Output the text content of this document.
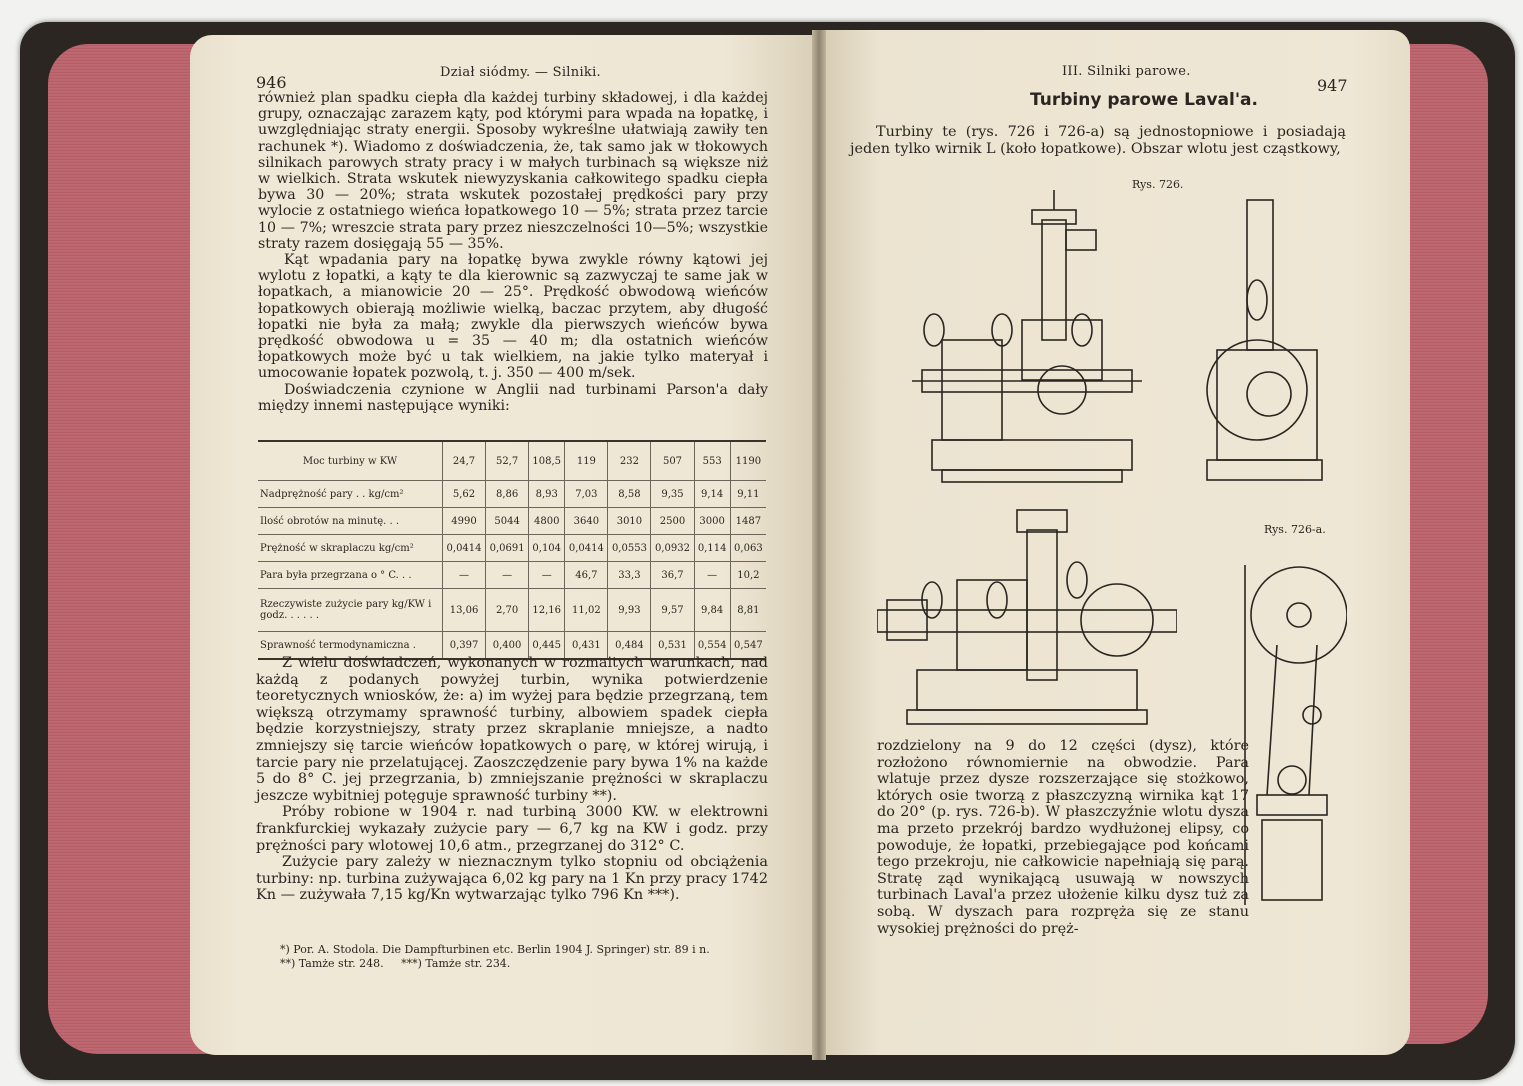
946
Dział siódmy. — Silniki.

również plan spadku ciepła dla każdej turbiny składowej, i dla każdej grupy, oznaczając zarazem kąty, pod którymi para wpada na łopatkę, i uwzględniając straty energii. Sposoby wykreślne ułatwiają zawiły ten rachunek *). Wiadomo z doświadczenia, że, tak samo jak w tłokowych silnikach parowych straty pracy i w małych turbinach są większe niż w wielkich. Strata wskutek niewyzyskania całkowitego spadku ciepła bywa 30 — 20%; strata wskutek pozostałej prędkości pary przy wylocie z ostatniego wieńca łopatkowego 10 — 5%; strata przez tarcie 10 — 7%; wreszcie strata pary przez nieszczelności 10—5%; wszystkie straty razem dosięgają 55 — 35%.

Kąt wpadania pary na łopatkę bywa zwykle równy kątowi jej wylotu z łopatki, a kąty te dla kierownic są zazwyczaj te same jak w łopatkach, a mianowicie 20 — 25°. Prędkość obwodową wieńców łopatkowych obierają możliwie wielką, baczac przytem, aby długość łopatki nie była za małą; zwykle dla pierwszych wieńców bywa prędkość obwodowa u = 35 — 40 m; dla ostatnich wieńców łopatkowych może być u tak wielkiem, na jakie tylko materyał i umocowanie łopatek pozwolą, t. j. 350 — 400 m/sek.

Doświadczenia czynione w Anglii nad turbinami Parson'a dały między innemi następujące wyniki:

Moc turbiny w KW	24,7	52,7	108,5	119	232	507	553	1190
Nadprężność pary . . kg/cm²	5,62	8,86	8,93	7,03	8,58	9,35	9,14	9,11
Ilość obrotów na minutę. . .	4990	5044	4800	3640	3010	2500	3000	1487
Prężność w skraplaczu kg/cm²	0,0414	0,0691	0,104	0,0414	0,0553	0,0932	0,114	0,063
Para była przegrzana o ° C. . .	—	—	—	46,7	33,3	36,7	—	10,2
Rzeczywiste zużycie pary kg/KW i godz. . . . . .	13,06	2,70	12,16	11,02	9,93	9,57	9,84	8,81
Sprawność termodynamiczna .	0,397	0,400	0,445	0,431	0,484	0,531	0,554	0,547

Z wielu doświadczeń, wykonanych w rozmaitych warunkach, nad każdą z podanych powyżej turbin, wynika potwierdzenie teoretycznych wniosków, że: a) im wyżej para będzie przegrzaną, tem większą otrzymamy sprawność turbiny, albowiem spadek ciepła będzie korzystniejszy, straty przez skraplanie mniejsze, a nadto zmniejszy się tarcie wieńców łopatkowych o parę, w której wirują, i tarcie pary nie przelatującej. Zaoszczędzenie pary bywa 1% na każde 5 do 8° C. jej przegrzania, b) zmniejszanie prężności w skraplaczu jeszcze wybitniej potęguje sprawność turbiny **).

Próby robione w 1904 r. nad turbiną 3000 KW. w elektrowni frankfurckiej wykazały zużycie pary — 6,7 kg na KW i godz. przy prężności pary wlotowej 10,6 atm., przegrzanej do 312° C.

Zużycie pary zależy w nieznacznym tylko stopniu od obciążenia turbiny: np. turbina zużywająca 6,02 kg pary na 1 Kn przy pracy 1742 Kn — zużywała 7,15 kg/Kn wytwarzając tylko 796 Kn ***).

*) Por. A. Stodola. Die Dampfturbinen etc. Berlin 1904 J. Springer) str. 89 i n.
**) Tamże str. 248.     ***) Tamże str. 234.
III. Silniki parowe.
947
Turbiny parowe Laval'a.

Turbiny te (rys. 726 i 726-a) są jednostopniowe i posiadają jeden tylko wirnik L (koło łopatkowe). Obszar wlotu jest cząstkowy,

Rys. 726.
Rys. 726-a.

rozdzielony na 9 do 12 części (dysz), które rozłożono równomiernie na obwodzie. Para wlatuje przez dysze rozszerzające się stożkowo, których osie tworzą z płaszczyzną wirnika kąt 17 do 20° (p. rys. 726-b). W płaszczyźnie wlotu dysza ma przeto przekrój bardzo wydłużonej elipsy, co powoduje, że łopatki, przebiegające pod końcami tego przekroju, nie całkowicie napełniają się parą. Stratę ząd wynikającą usuwają w nowszych turbinach Laval'a przez ułożenie kilku dysz tuż za sobą. W dyszach para rozpręża się ze stanu wysokiej prężności do pręż-
